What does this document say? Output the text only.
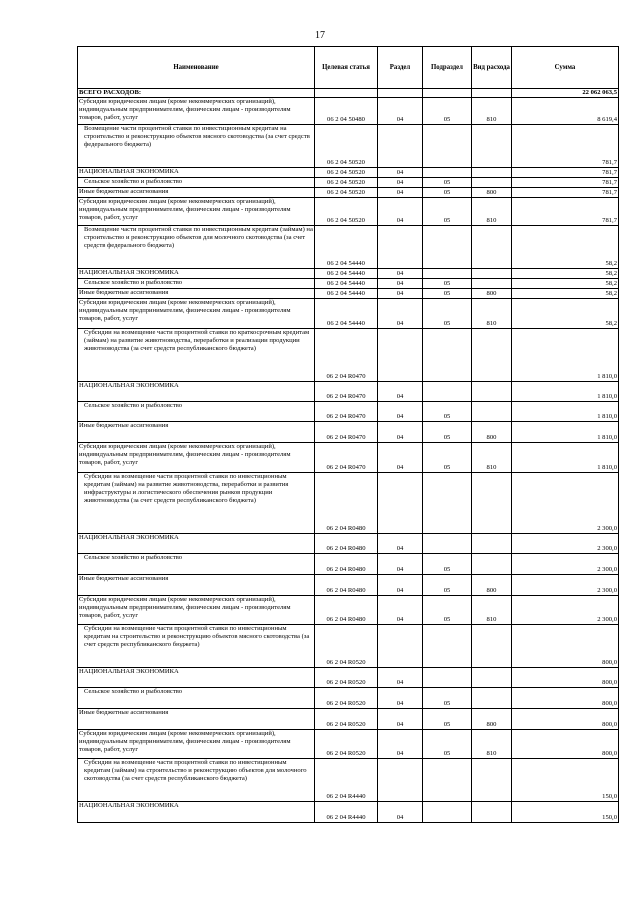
17
Наименование	Целевая статья	Раздел	Подраздел	Вид расхода	Сумма
ВСЕГО РАСХОДОВ:					22 062 063,5
Субсидии юридическим лицам (кроме некоммерческих организаций), индивидуальным предпринимателям, физическим лицам - производителям товаров, работ, услуг	06 2 04 50480	04	05	810	8 619,4
Возмещение части процентной ставки по инвестиционным кредитам на строительство и реконструкцию объектов мясного скотоводства (за счет средств федерального бюджета)	06 2 04 50520				781,7
НАЦИОНАЛЬНАЯ ЭКОНОМИКА	06 2 04 50520	04			781,7
Сельское хозяйство и рыболовство	06 2 04 50520	04	05		781,7
Иные бюджетные ассигнования	06 2 04 50520	04	05	800	781,7
Субсидии юридическим лицам (кроме некоммерческих организаций), индивидуальным предпринимателям, физическим лицам - производителям товаров, работ, услуг	06 2 04 50520	04	05	810	781,7
Возмещение части процентной ставки по инвестиционным кредитам (займам) на строительство и реконструкцию объектов для молочного скотоводства (за счет средств федерального бюджета)	06 2 04 54440				58,2
НАЦИОНАЛЬНАЯ ЭКОНОМИКА	06 2 04 54440	04			58,2
Сельское хозяйство и рыболовство	06 2 04 54440	04	05		58,2
Иные бюджетные ассигнования	06 2 04 54440	04	05	800	58,2
Субсидии юридическим лицам (кроме некоммерческих организаций), индивидуальным предпринимателям, физическим лицам - производителям товаров, работ, услуг	06 2 04 54440	04	05	810	58,2
Субсидии на возмещение части процентной ставки по краткосрочным кредитам (займам) на развитие животноводства, переработки и реализации продукции животноводства (за счет средств республиканского бюджета)	06 2 04 R0470				1 810,0
НАЦИОНАЛЬНАЯ ЭКОНОМИКА	06 2 04 R0470	04			1 810,0
Сельское хозяйство и рыболовство	06 2 04 R0470	04	05		1 810,0
Иные бюджетные ассигнования	06 2 04 R0470	04	05	800	1 810,0
Субсидии юридическим лицам (кроме некоммерческих организаций), индивидуальным предпринимателям, физическим лицам - производителям товаров, работ, услуг	06 2 04 R0470	04	05	810	1 810,0
Субсидии на возмещение части процентной ставки по инвестиционным кредитам (займам) на развитие животноводства, переработки и развития инфраструктуры и логистического обеспечения рынков продукции животноводства (за счет средств республиканского бюджета)	06 2 04 R0480				2 300,0
НАЦИОНАЛЬНАЯ ЭКОНОМИКА	06 2 04 R0480	04			2 300,0
Сельское хозяйство и рыболовство	06 2 04 R0480	04	05		2 300,0
Иные бюджетные ассигнования	06 2 04 R0480	04	05	800	2 300,0
Субсидии юридическим лицам (кроме некоммерческих организаций), индивидуальным предпринимателям, физическим лицам - производителям товаров, работ, услуг	06 2 04 R0480	04	05	810	2 300,0
Субсидии на возмещение части процентной ставки по инвестиционным кредитам на строительство и реконструкцию объектов мясного скотоводства (за счет средств республиканского бюджета)	06 2 04 R0520				800,0
НАЦИОНАЛЬНАЯ ЭКОНОМИКА	06 2 04 R0520	04			800,0
Сельское хозяйство и рыболовство	06 2 04 R0520	04	05		800,0
Иные бюджетные ассигнования	06 2 04 R0520	04	05	800	800,0
Субсидии юридическим лицам (кроме некоммерческих организаций), индивидуальным предпринимателям, физическим лицам - производителям товаров, работ, услуг	06 2 04 R0520	04	05	810	800,0
Субсидии на возмещение части процентной ставки по инвестиционным кредитам (займам) на строительство и реконструкцию объектов для молочного скотоводства (за счет средств республиканского бюджета)	06 2 04 R4440				150,0
НАЦИОНАЛЬНАЯ ЭКОНОМИКА	06 2 04 R4440	04			150,0
